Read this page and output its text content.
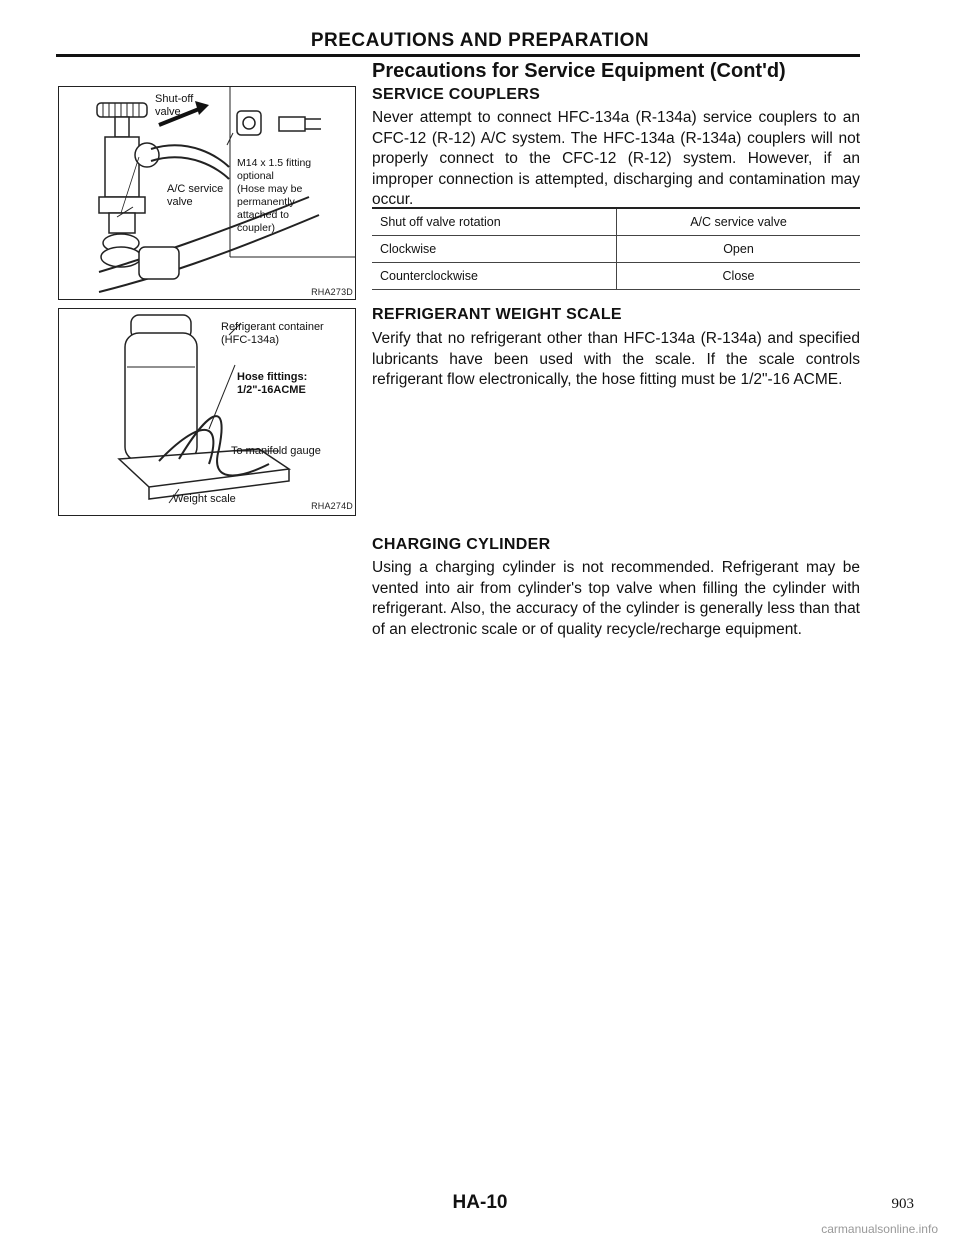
PRECAUTIONS AND PREPARATION
Precautions for Service Equipment (Cont'd)
Shut-off
valve
A/C service
valve
M14 x 1.5 fitting
optional
(Hose may be
permanently
attached to
coupler)
RHA273D
Refrigerant container
(HFC-134a)
Hose fittings:
1/2"-16ACME
To manifold gauge
Weight scale
RHA274D
SERVICE COUPLERS
Never attempt to connect HFC-134a (R-134a) service couplers to an CFC-12 (R-12) A/C system. The HFC-134a (R-134a) couplers will not properly connect to the CFC-12 (R-12) system. However, if an improper connection is attempted, discharging and contamination may occur.
Shut off valve rotation	A/C service valve
Clockwise	Open
Counterclockwise	Close
REFRIGERANT WEIGHT SCALE
Verify that no refrigerant other than HFC-134a (R-134a) and specified lubricants have been used with the scale. If the scale controls refrigerant flow electronically, the hose fitting must be 1/2"-16 ACME.
CHARGING CYLINDER
Using a charging cylinder is not recommended. Refrigerant may be vented into air from cylinder's top valve when filling the cylinder with refrigerant. Also, the accuracy of the cylinder is generally less than that of an electronic scale or of quality recycle/recharge equipment.
HA-10	903
carmanualsonline.info
